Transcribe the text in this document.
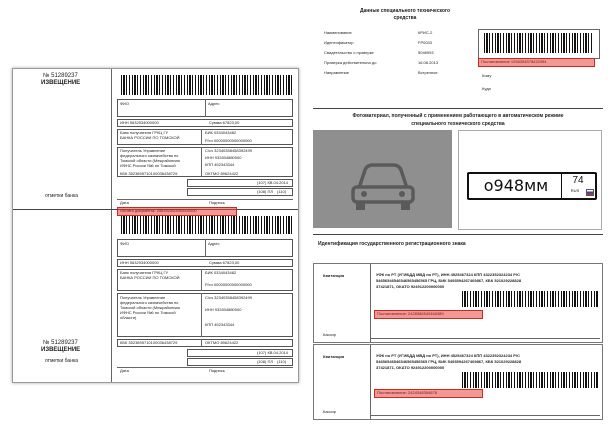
№ 51289237
ИЗВЕЩЕНИЕ
отметки банка
№ 51289237
ИЗВЕЩЕНИЕ
отметки банка
ФИО	Адрес
ИНН 5632934000000	Сумма 67823,00
Банк получателя ГРКЦ ГУ
БАНКА РОССИИ ПО ТОМСКОЙ
БИК 0334043482
Р/сч 00000000000000000
Получатель Управление
федерального казначейства по
Томской области (Межрайонная
ИФНС России №6 по Томской
КБК 3523895710100036438729
С/сч 32340358458392499
ИНН 932834880000
КПП 452343344
ОКТМО 89624422
(107) КВ.04.2014
(108) ПЛ (110)
Дата	Подпись
Оплата документа: 256392000000000000
ФИО	Адрес
ИНН 5632934000000	Сумма 67823,00
Банк получателя ГРКЦ ГУ
БАНКА РОССИИ ПО ТОМСКОЙ
БИК 0334043482
Р/сч 00000000000000000
Получатель Управление
федерального казначейства по
Томской области (Межрайонная
ИФНС России №6 по Томской
области)
С/сч 32340358458392499
ИНН 932834880000
КПП 452343344
КБК 3523895710100036438729	ОКТМО 89624422
(107) КВ.04.2014
(108) ПЛ (110)
Дата	Подпись
Данные специального технического
средства
Наименование	КРИС-2
Идентификатор	FP0033
Свидетельство о проверке	5046993
Проверка действительна до	16.08.2013
Направление	Встречное
Постановление 1256394578432094
Кому
Куда
Фотоматериал, полученный с применением работающего в автоматическом режиме
специального технического средства
о948мм	74
RUS
Идентификация государственного регистрационного знака
Квитанция	УФК по РТ (УГИБДД МВД по РТ), ИНН 4525467324 КПП 4322352324234 Р/С
54656546546546565456565 ГРЦ, БИК 5493594267469867, КБК 521029228828
37421871, ОКАТО 924912200000000
Постановление: 2428386543466389
Кассир
Квитанция	УФК по РТ (УГИБДД МВД по РТ), ИНН 4525467324 КПП 4322352324234 Р/С
54656546546546565456565 ГРЦ, БИК 5493594267469867, КБК 521029228828
37421871, ОКАТО 924912200000000
Постановление: 2424348354678
Кассир
